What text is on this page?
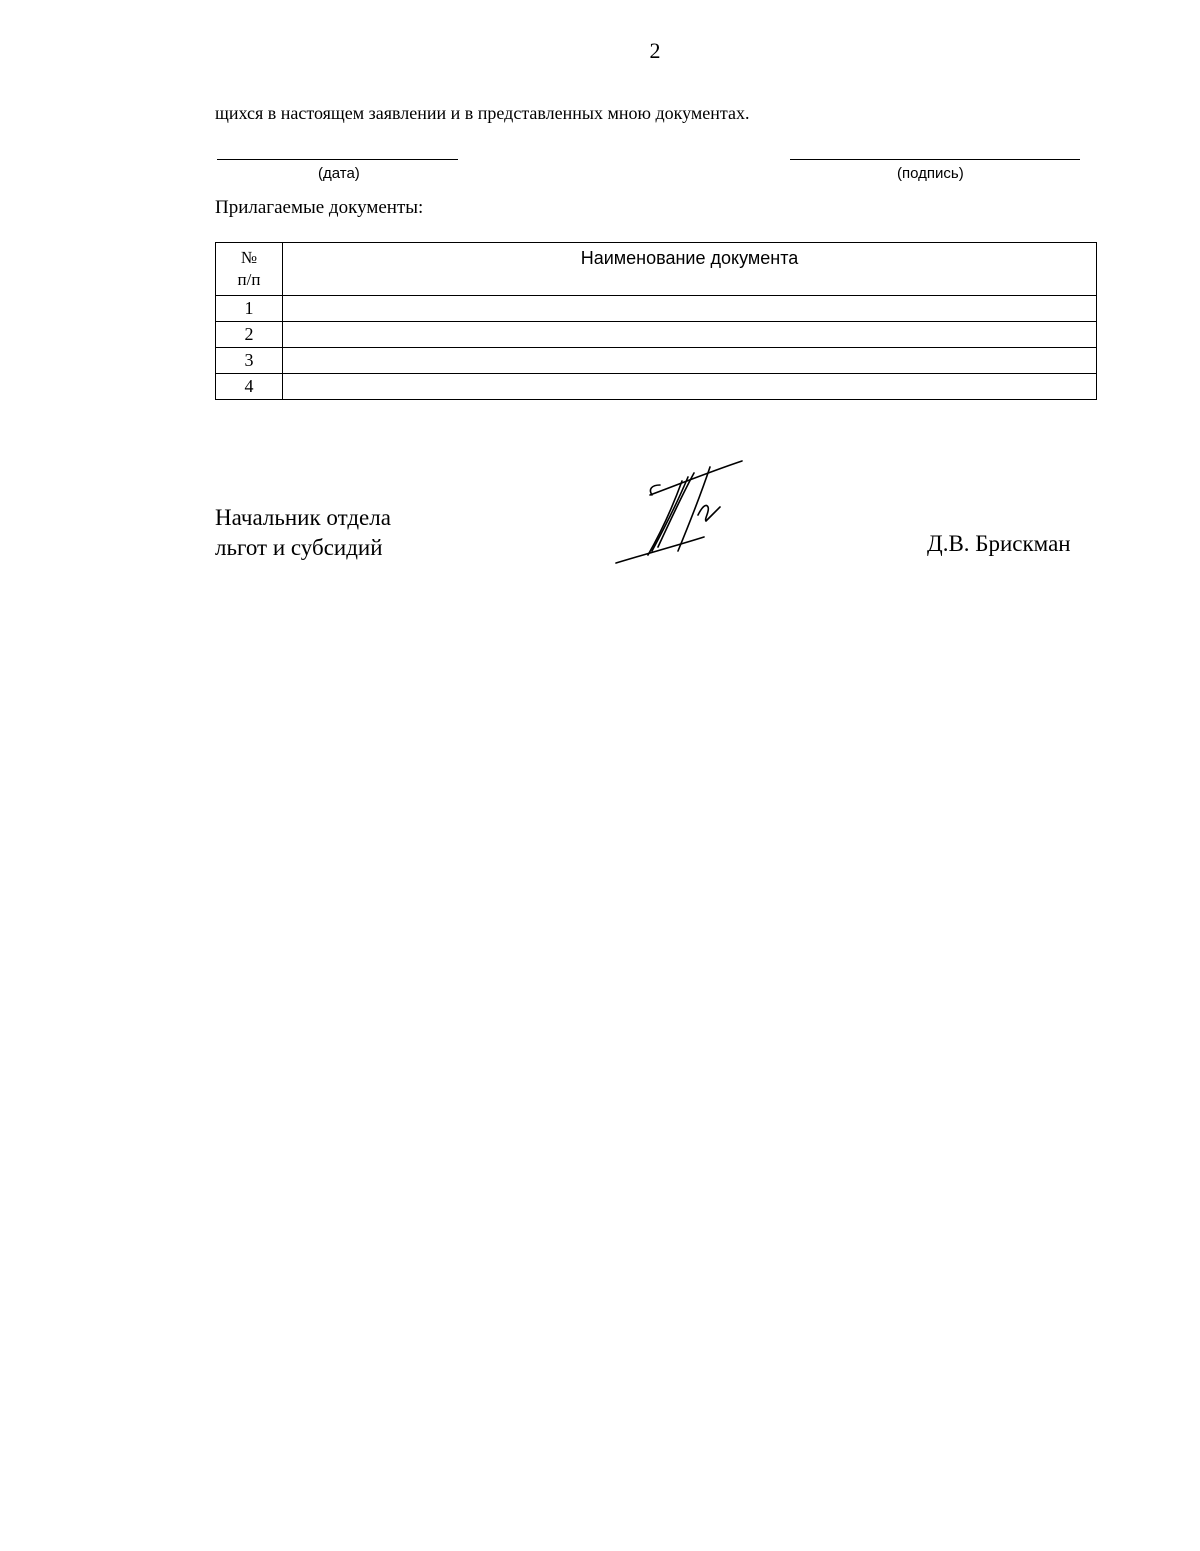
2
щихся в настоящем заявлении и в представленных мною документах.
(дата)	(подпись)
Прилагаемые документы:
№
п/п	Наименование документа
1	
2	
3	
4	
Начальник отдела
льгот и субсидий	Д.В. Брискман
